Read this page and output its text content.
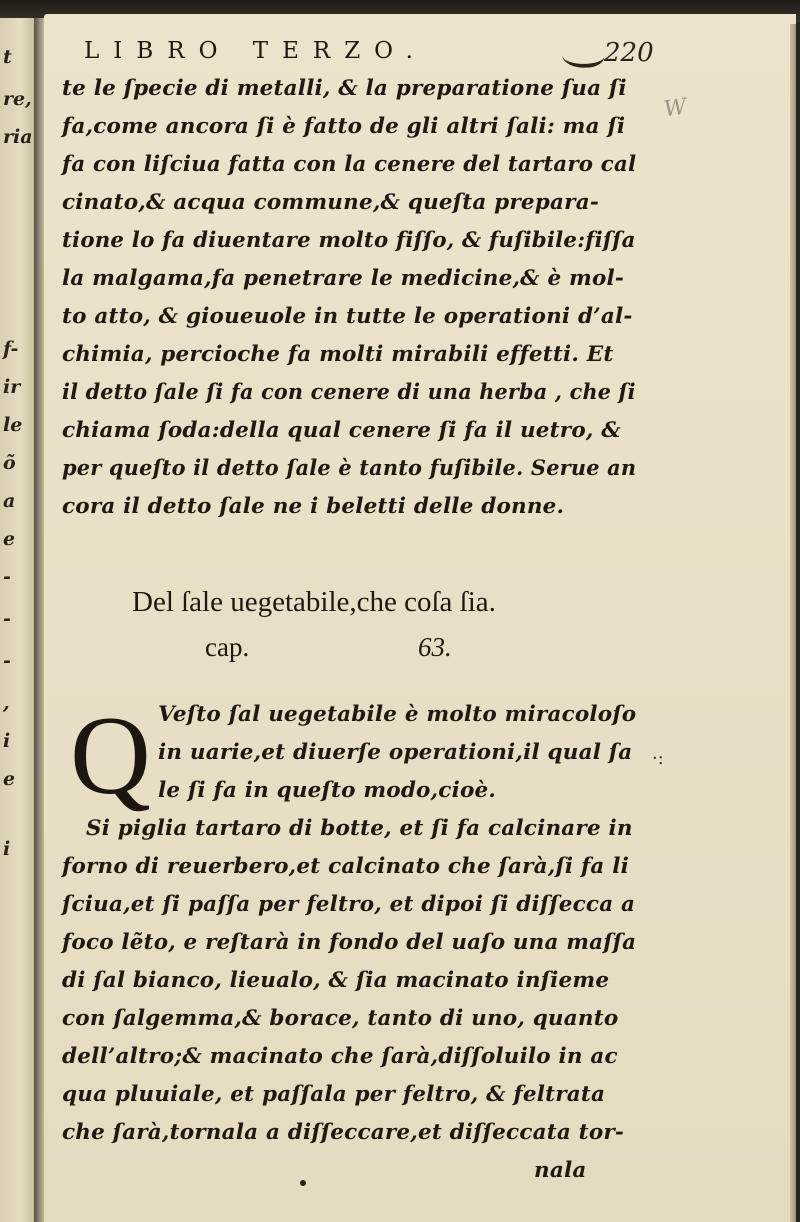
t
re,
ria
f-
ir
le
õ
a
e
-
-
-
,
i
e
i
LIBRO TERZO.	220
W
te le ſpecie di metalli, & la preparatione ſua ſi
fa,come ancora ſi è fatto de gli altri ſali: ma ſi
fa con liſciua fatta con la cenere del tartaro cal
cinato,& acqua commune,& queſta prepara-
tione lo fa diuentare molto fiſſo, & fuſibile:fiſſa
la malgama,fa penetrare le medicine,& è mol-
to atto, & gioueuole in tutte le operationi d’al-
chimia, percioche fa molti mirabili effetti. Et
il detto ſale ſi fa con cenere di una herba , che ſi
chiama ſoda:della qual cenere ſi fa il uetro, &
per queſto il detto ſale è tanto fuſibile. Serue an
cora il detto ſale ne i beletti delle donne.
Del ſale uegetabile,che coſa ſia.
cap.	63.
Q	·:
Veſto ſal uegetabile è molto miracoloſo
in uarie,et diuerſe operationi,il qual ſa
le ſi fa in queſto modo,cioè.
Si piglia tartaro di botte, et ſi fa calcinare in
forno di reuerbero,et calcinato che ſarà,ſi fa li
ſciua,et ſi paſſa per feltro, et dipoi ſi diſſecca a
foco lẽto, e reſtarà in fondo del uaſo una maſſa
di ſal bianco, lieualo, & ſia macinato inſieme
con ſalgemma,& borace, tanto di uno, quanto
dell’altro;& macinato che ſarà,diſſoluilo in ac
qua pluuiale, et paſſala per feltro, & feltrata
che ſarà,tornala a diſſeccare,et diſſeccata tor-
nala
